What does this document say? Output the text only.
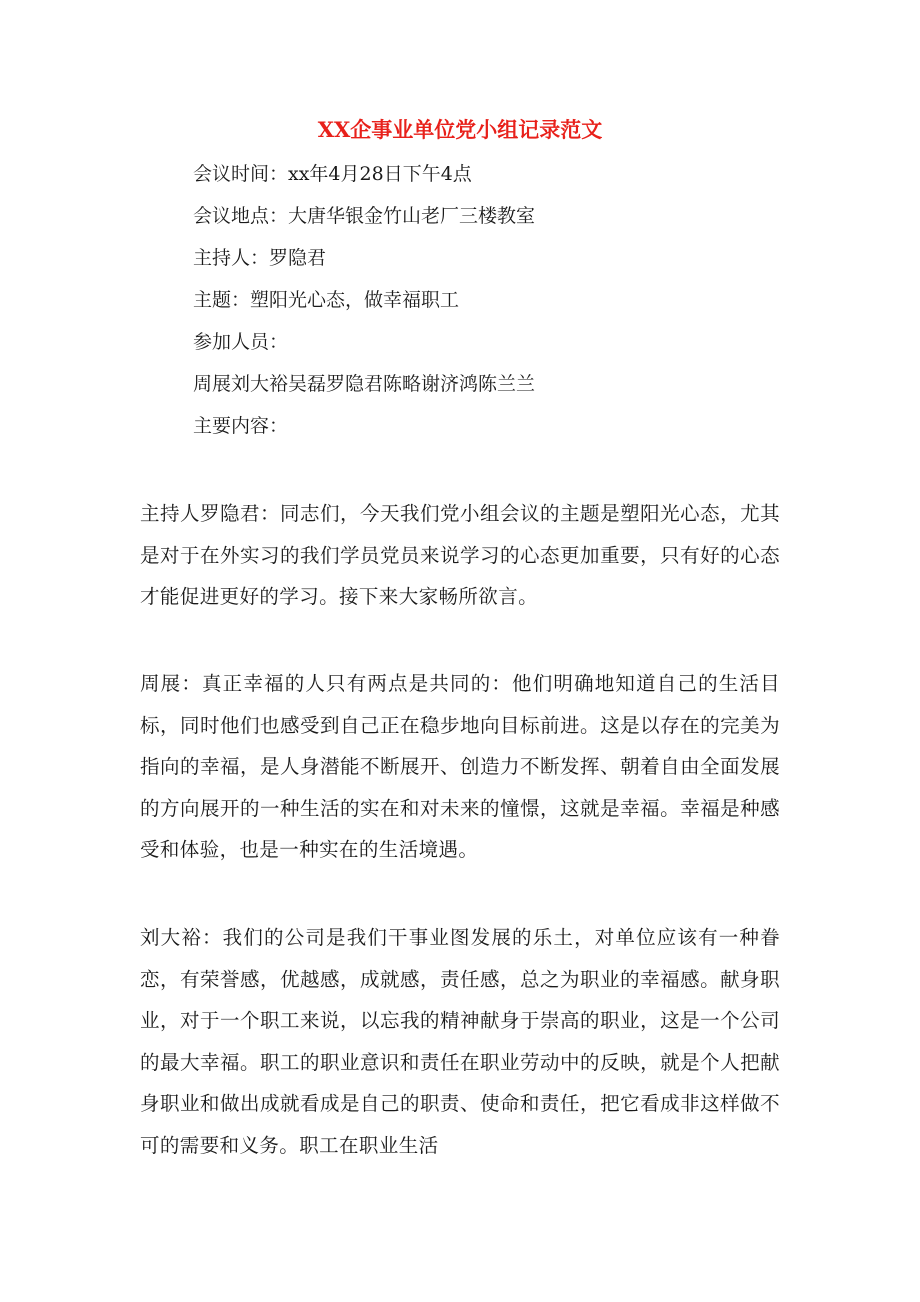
XX企事业单位党小组记录范文
会议时间：xx年4月28日下午4点
会议地点：大唐华银金竹山老厂三楼教室
主持人：罗隐君
主题：塑阳光心态，做幸福职工
参加人员：
周展刘大裕吴磊罗隐君陈略谢济鸿陈兰兰
主要内容：

主持人罗隐君：同志们，今天我们党小组会议的主题是塑阳光心态，尤其是对于在外实习的我们学员党员来说学习的心态更加重要，只有好的心态才能促进更好的学习。接下来大家畅所欲言。

周展：真正幸福的人只有两点是共同的：他们明确地知道自己的生活目标，同时他们也感受到自己正在稳步地向目标前进。这是以存在的完美为指向的幸福，是人身潜能不断展开、创造力不断发挥、朝着自由全面发展的方向展开的一种生活的实在和对未来的憧憬，这就是幸福。幸福是种感受和体验，也是一种实在的生活境遇。

刘大裕：我们的公司是我们干事业图发展的乐土，对单位应该有一种眷恋，有荣誉感，优越感，成就感，责任感，总之为职业的幸福感。献身职业，对于一个职工来说，以忘我的精神献身于崇高的职业，这是一个公司的最大幸福。职工的职业意识和责任在职业劳动中的反映，就是个人把献身职业和做出成就看成是自己的职责、使命和责任，把它看成非这样做不可的需要和义务。职工在职业生活
